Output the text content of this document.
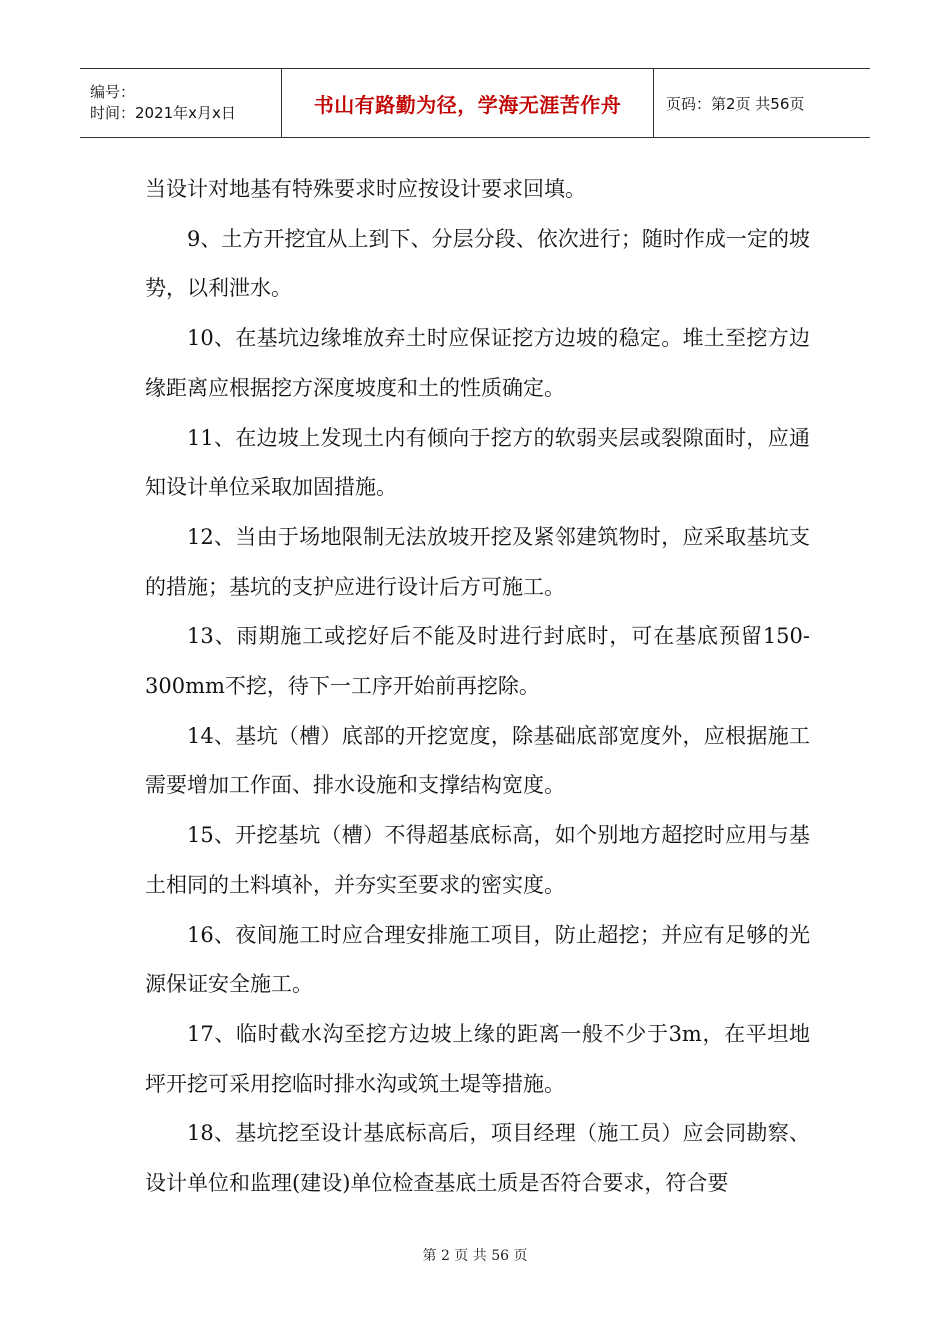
编号：
时间：2021年x月x日	书山有路勤为径，学海无涯苦作舟	页码：第2页 共56页

当设计对地基有特殊要求时应按设计要求回填。

9、土方开挖宜从上到下、分层分段、依次进行；随时作成一定的坡势，以利泄水。

10、在基坑边缘堆放弃土时应保证挖方边坡的稳定。堆土至挖方边缘距离应根据挖方深度坡度和土的性质确定。

11、在边坡上发现土内有倾向于挖方的软弱夹层或裂隙面时，应通知设计单位采取加固措施。

12、当由于场地限制无法放坡开挖及紧邻建筑物时，应采取基坑支的措施；基坑的支护应进行设计后方可施工。

13、雨期施工或挖好后不能及时进行封底时，可在基底预留150-300mm不挖，待下一工序开始前再挖除。

14、基坑（槽）底部的开挖宽度，除基础底部宽度外，应根据施工需要增加工作面、排水设施和支撑结构宽度。

15、开挖基坑（槽）不得超基底标高，如个别地方超挖时应用与基土相同的土料填补，并夯实至要求的密实度。

16、夜间施工时应合理安排施工项目，防止超挖；并应有足够的光源保证安全施工。

17、临时截水沟至挖方边坡上缘的距离一般不少于3m，在平坦地坪开挖可采用挖临时排水沟或筑土堤等措施。

18、基坑挖至设计基底标高后，项目经理（施工员）应会同勘察、设计单位和监理(建设)单位检查基底土质是否符合要求，符合要

第 2 页 共 56 页
